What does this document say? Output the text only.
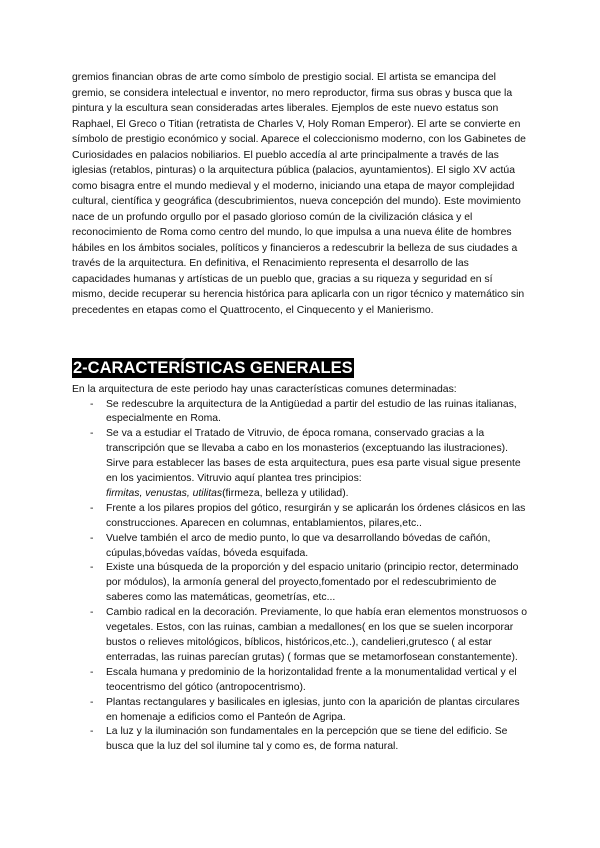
gremios financian obras de arte como símbolo de prestigio social. El artista se emancipa del gremio, se considera intelectual e inventor, no mero reproductor, firma sus obras y busca que la pintura y la escultura sean consideradas artes liberales. Ejemplos de este nuevo estatus son Raphael, El Greco o Titian (retratista de Charles V, Holy Roman Emperor). El arte se convierte en símbolo de prestigio económico y social. Aparece el coleccionismo moderno, con los Gabinetes de Curiosidades en palacios nobiliarios. El pueblo accedía al arte principalmente a través de las iglesias (retablos, pinturas) o la arquitectura pública (palacios, ayuntamientos). El siglo XV actúa como bisagra entre el mundo medieval y el moderno, iniciando una etapa de mayor complejidad cultural, científica y geográfica (descubrimientos, nueva concepción del mundo). Este movimiento nace de un profundo orgullo por el pasado glorioso común de la civilización clásica y el reconocimiento de Roma como centro del mundo, lo que impulsa a una nueva élite de hombres hábiles en los ámbitos sociales, políticos y financieros a redescubrir la belleza de sus ciudades a través de la arquitectura. En definitiva, el Renacimiento representa el desarrollo de las capacidades humanas y artísticas de un pueblo que, gracias a su riqueza y seguridad en sí mismo, decide recuperar su herencia histórica para aplicarla con un rigor técnico y matemático sin precedentes en etapas como el Quattrocento, el Cinquecento y el Manierismo.

2-CARACTERÍSTICAS GENERALES

En la arquitectura de este periodo hay unas características comunes determinadas:

- Se redescubre la arquitectura de la Antigüedad a partir del estudio de las ruinas italianas, especialmente en Roma.
- Se va a estudiar el Tratado de Vitruvio, de época romana, conservado gracias a la transcripción que se llevaba a cabo en los monasterios (exceptuando las ilustraciones). Sirve para establecer las bases de esta arquitectura, pues esa parte visual sigue presente en los yacimientos. Vitruvio aquí plantea tres principios:
firmitas, venustas, utilitas(firmeza, belleza y utilidad).
- Frente a los pilares propios del gótico, resurgirán y se aplicarán los órdenes clásicos en las construcciones. Aparecen en columnas, entablamientos, pilares,etc..
- Vuelve también el arco de medio punto, lo que va desarrollando bóvedas de cañón, cúpulas,bóvedas vaídas, bóveda esquifada.
- Existe una búsqueda de la proporción y del espacio unitario (principio rector, determinado por módulos), la armonía general del proyecto,fomentado por el redescubrimiento de saberes como las matemáticas, geometrías, etc...
- Cambio radical en la decoración. Previamente, lo que había eran elementos monstruosos o vegetales. Estos, con las ruinas, cambian a medallones( en los que se suelen incorporar bustos o relieves mitológicos, bíblicos, históricos,etc..), candelieri,grutesco ( al estar enterradas, las ruinas parecían grutas) ( formas que se metamorfosean constantemente).
- Escala humana y predominio de la horizontalidad frente a la monumentalidad vertical y el teocentrismo del gótico (antropocentrismo).
- Plantas rectangulares y basilicales en iglesias, junto con la aparición de plantas circulares en homenaje a edificios como el Panteón de Agripa.
- La luz y la iluminación son fundamentales en la percepción que se tiene del edificio. Se busca que la luz del sol ilumine tal y como es, de forma natural.
